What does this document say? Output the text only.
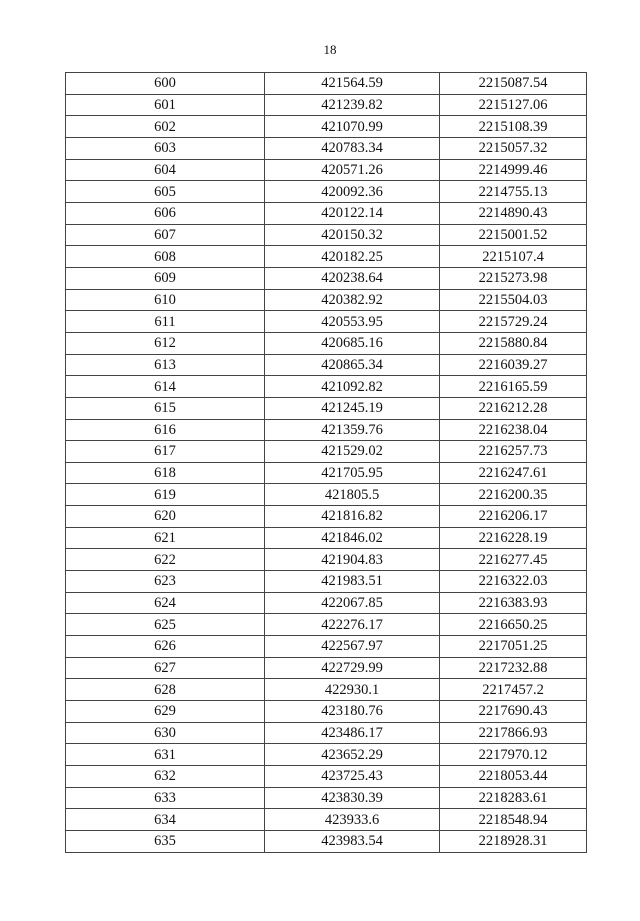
18
600	421564.59	2215087.54
601	421239.82	2215127.06
602	421070.99	2215108.39
603	420783.34	2215057.32
604	420571.26	2214999.46
605	420092.36	2214755.13
606	420122.14	2214890.43
607	420150.32	2215001.52
608	420182.25	2215107.4
609	420238.64	2215273.98
610	420382.92	2215504.03
611	420553.95	2215729.24
612	420685.16	2215880.84
613	420865.34	2216039.27
614	421092.82	2216165.59
615	421245.19	2216212.28
616	421359.76	2216238.04
617	421529.02	2216257.73
618	421705.95	2216247.61
619	421805.5	2216200.35
620	421816.82	2216206.17
621	421846.02	2216228.19
622	421904.83	2216277.45
623	421983.51	2216322.03
624	422067.85	2216383.93
625	422276.17	2216650.25
626	422567.97	2217051.25
627	422729.99	2217232.88
628	422930.1	2217457.2
629	423180.76	2217690.43
630	423486.17	2217866.93
631	423652.29	2217970.12
632	423725.43	2218053.44
633	423830.39	2218283.61
634	423933.6	2218548.94
635	423983.54	2218928.31
